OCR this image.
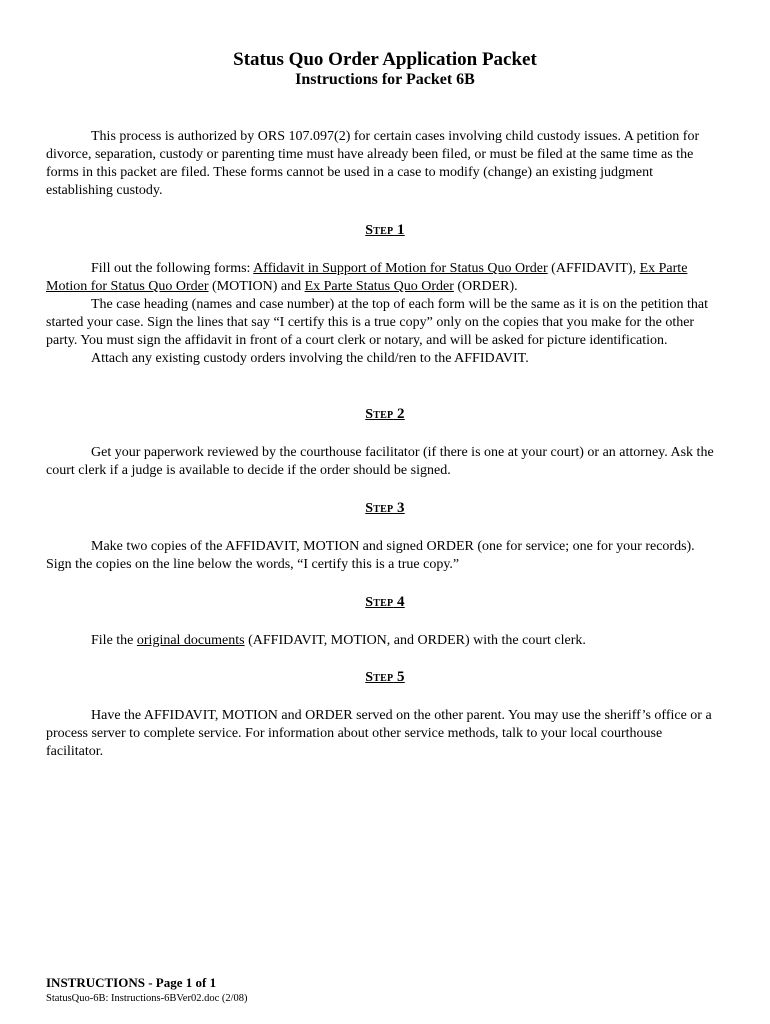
Status Quo Order Application Packet
Instructions for Packet 6B

This process is authorized by ORS 107.097(2) for certain cases involving child custody issues. A petition for divorce, separation, custody or parenting time must have already been filed, or must be filed at the same time as the forms in this packet are filed. These forms cannot be used in a case to modify (change) an existing judgment establishing custody.

Step 1

Fill out the following forms: Affidavit in Support of Motion for Status Quo Order (AFFIDAVIT), Ex Parte Motion for Status Quo Order (MOTION) and Ex Parte Status Quo Order (ORDER).

The case heading (names and case number) at the top of each form will be the same as it is on the petition that started your case. Sign the lines that say “I certify this is a true copy” only on the copies that you make for the other party. You must sign the affidavit in front of a court clerk or notary, and will be asked for picture identification.

Attach any existing custody orders involving the child/ren to the AFFIDAVIT.

Step 2

Get your paperwork reviewed by the courthouse facilitator (if there is one at your court) or an attorney. Ask the court clerk if a judge is available to decide if the order should be signed.

Step 3

Make two copies of the AFFIDAVIT, MOTION and signed ORDER (one for service; one for your records). Sign the copies on the line below the words, “I certify this is a true copy.”

Step 4

File the original documents (AFFIDAVIT, MOTION, and ORDER) with the court clerk.

Step 5

Have the AFFIDAVIT, MOTION and ORDER served on the other parent. You may use the sheriff’s office or a process server to complete service. For information about other service methods, talk to your local courthouse facilitator.

INSTRUCTIONS - Page 1 of 1
StatusQuo-6B: Instructions-6BVer02.doc (2/08)
